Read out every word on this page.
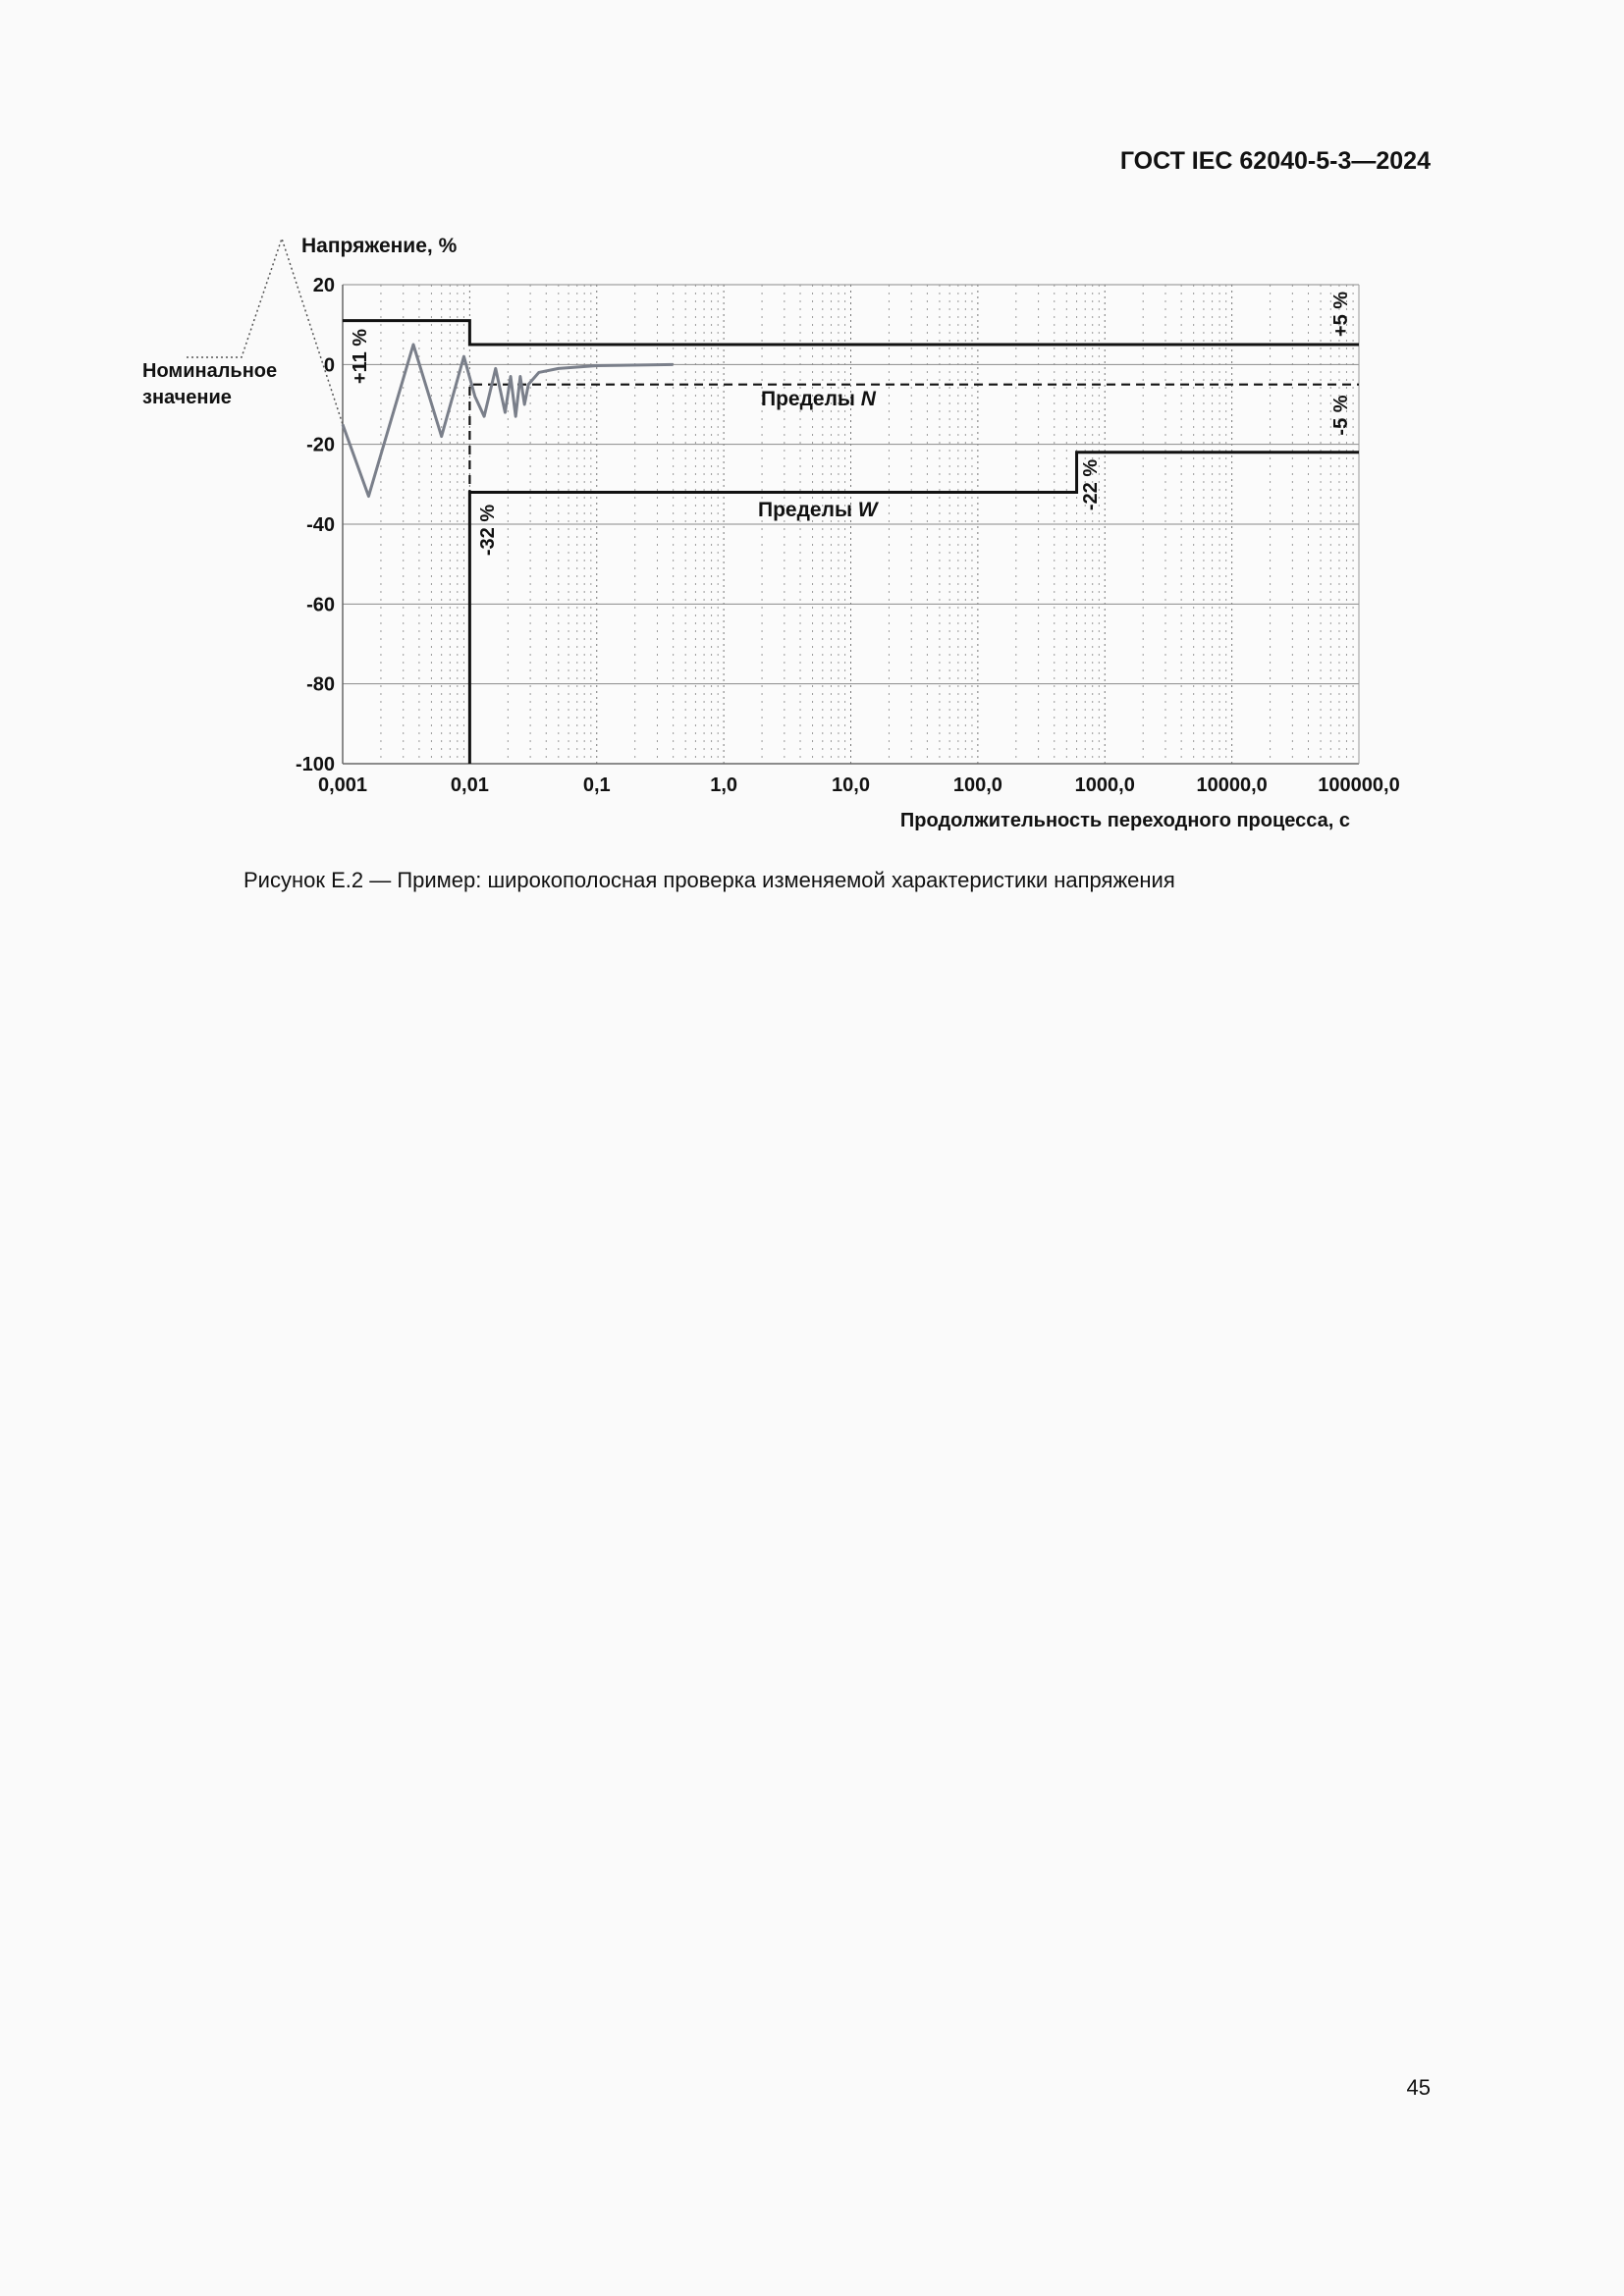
ГОСТ IEC 62040-5-3—2024
20
0
-20
-40
-60
-80
-100
0,001	0,01	0,1	1,0	10,0	100,0	1000,0	10000,0	100000,0
Напряжение, %
Продолжительность переходного процесса, с
Номинальное
значение	Пределы N
Пределы W
+11 %
+5 %
-5 %
-32 %
-22 %
Рисунок Е.2 — Пример: широкополосная проверка изменяемой характеристики напряжения
45
